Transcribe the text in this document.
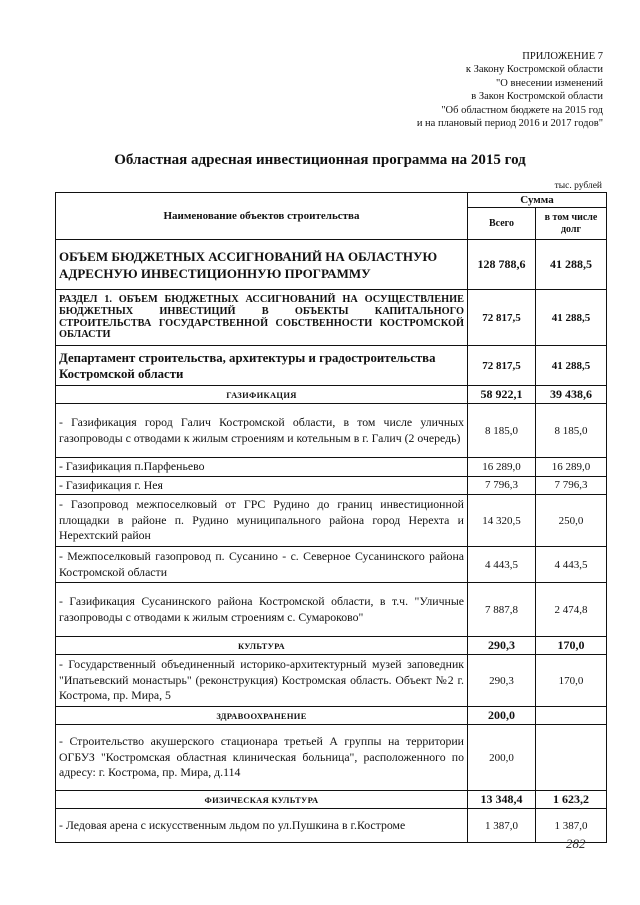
ПРИЛОЖЕНИЕ 7
к Закону Костромской области
"О внесении изменений
в Закон Костромской области
"Об областном бюджете на 2015 год
и на плановый период 2016 и 2017 годов"
Областная адресная инвестиционная программа на 2015 год
тыс. рублей
Наименование объектов строительства	Сумма	
	Всего	в том числе долг
ОБЪЕМ БЮДЖЕТНЫХ АССИГНОВАНИЙ НА ОБЛАСТНУЮ АДРЕСНУЮ ИНВЕСТИЦИОННУЮ ПРОГРАММУ	128 788,6	41 288,5
РАЗДЕЛ 1. ОБЪЕМ БЮДЖЕТНЫХ АССИГНОВАНИЙ НА ОСУЩЕСТВЛЕНИЕ БЮДЖЕТНЫХ ИНВЕСТИЦИЙ В ОБЪЕКТЫ КАПИТАЛЬНОГО СТРОИТЕЛЬСТВА ГОСУДАРСТВЕННОЙ СОБСТВЕННОСТИ КОСТРОМСКОЙ ОБЛАСТИ	72 817,5	41 288,5
Департамент строительства, архитектуры и градостроительства Костромской области	72 817,5	41 288,5
ГАЗИФИКАЦИЯ	58 922,1	39 438,6
- Газификация город Галич Костромской области, в том числе уличных газопроводы с отводами к жилым строениям и котельным в г. Галич (2 очередь)	8 185,0	8 185,0
- Газификация п.Парфеньево	16 289,0	16 289,0
- Газификация г. Нея	7 796,3	7 796,3
- Газопровод межпоселковый от ГРС Рудино до границ инвестиционной площадки в районе п. Рудино муниципального района город Нерехта и Нерехтский район	14 320,5	250,0
- Межпоселковый газопровод п. Сусанино - с. Северное Сусанинского района Костромской области	4 443,5	4 443,5
- Газификация Сусанинского района Костромской области, в т.ч. "Уличные газопроводы с отводами к жилым строениям с. Сумароково"	7 887,8	2 474,8
КУЛЬТУРА	290,3	170,0
- Государственный объединенный историко-архитектурный музей заповедник "Ипатьевский монастырь" (реконструкция) Костромская область. Объект №2 г. Кострома, пр. Мира, 5	290,3	170,0
ЗДРАВООХРАНЕНИЕ	200,0	
- Строительство акушерского стационара третьей А группы на территории ОГБУЗ "Костромская областная клиническая больница", расположенного по адресу: г. Кострома, пр. Мира, д.114	200,0	
ФИЗИЧЕСКАЯ КУЛЬТУРА	13 348,4	1 623,2
- Ледовая арена с искусственным льдом по ул.Пушкина в г.Костроме	1 387,0	1 387,0
282
